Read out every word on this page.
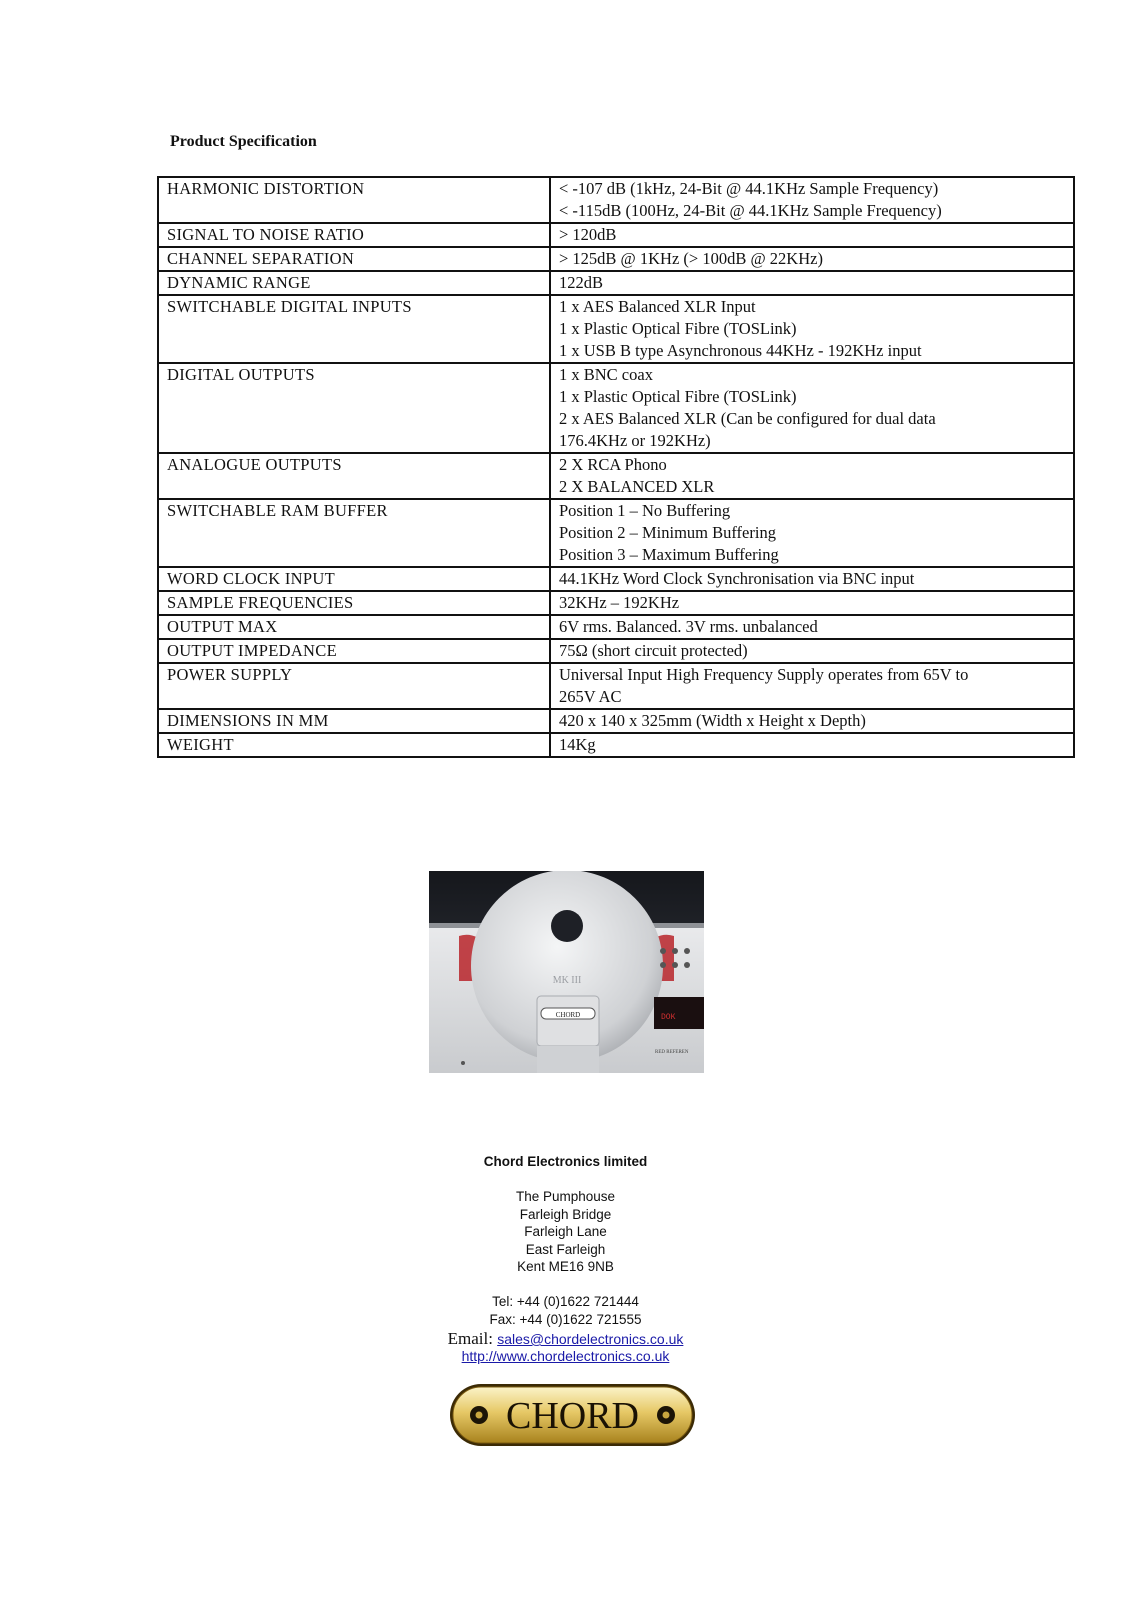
Product Specification
HARMONIC DISTORTION	< -107 dB (1kHz, 24-Bit @ 44.1KHz Sample Frequency)
< -115dB (100Hz, 24-Bit @ 44.1KHz Sample Frequency)

SIGNAL TO NOISE RATIO	> 120dB

CHANNEL SEPARATION	> 125dB @ 1KHz (> 100dB @ 22KHz)

DYNAMIC RANGE	122dB

SWITCHABLE DIGITAL INPUTS	1 x AES Balanced XLR Input
1 x Plastic Optical Fibre (TOSLink)
1 x USB B type Asynchronous 44KHz - 192KHz input

DIGITAL OUTPUTS	1 x BNC coax
1 x Plastic Optical Fibre (TOSLink)
2 x AES Balanced XLR (Can be configured for dual data
176.4KHz or 192KHz)

ANALOGUE OUTPUTS	2 X RCA Phono
2 X BALANCED XLR

SWITCHABLE RAM BUFFER	Position 1 – No Buffering
Position 2 – Minimum Buffering
Position 3 – Maximum Buffering

WORD CLOCK INPUT	44.1KHz Word Clock Synchronisation via BNC input

SAMPLE FREQUENCIES	32KHz – 192KHz

OUTPUT MAX	6V rms. Balanced. 3V rms. unbalanced

OUTPUT IMPEDANCE	75Ω (short circuit protected)

POWER SUPPLY	Universal Input High Frequency Supply operates from 65V to
265V AC

DIMENSIONS IN MM	420 x 140 x 325mm (Width x Height x Depth)

WEIGHT	14Kg
MK III
CHORD	DOK
RED REFEREN
Chord Electronics limited
The Pumphouse
Farleigh Bridge
Farleigh Lane
East Farleigh
Kent ME16 9NB
Tel: +44 (0)1622 721444
Fax: +44 (0)1622 721555
Email: sales@chordelectronics.co.uk
http://www.chordelectronics.co.uk
CHORD
